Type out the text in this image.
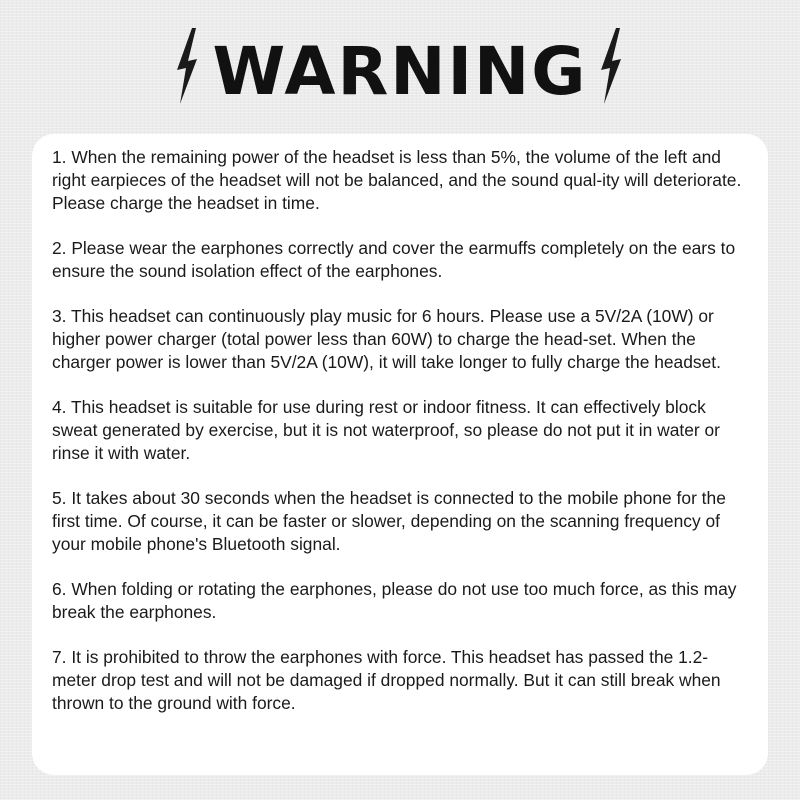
WARNING

1. When the remaining power of the headset is less than 5%, the volume of the left and right earpieces of the headset will not be balanced, and the sound qual-ity will deteriorate. Please charge the headset in time.

2. Please wear the earphones correctly and cover the earmuffs completely on the ears to ensure the sound isolation effect of the earphones.

3. This headset can continuously play music for 6 hours. Please use a 5V/2A (10W) or higher power charger (total power less than 60W) to charge the head-set. When the charger power is lower than 5V/2A (10W), it will take longer to fully charge the headset.

4. This headset is suitable for use during rest or indoor fitness. It can effectively block sweat generated by exercise, but it is not waterproof, so please do not put it in water or rinse it with water.

5. It takes about 30 seconds when the headset is connected to the mobile phone for the first time. Of course, it can be faster or slower, depending on the scanning frequency of your mobile phone's Bluetooth signal.

6. When folding or rotating the earphones, please do not use too much force, as this may break the earphones.

7. It is prohibited to throw the earphones with force. This headset has passed the 1.2-meter drop test and will not be damaged if dropped normally. But it can still break when thrown to the ground with force.
